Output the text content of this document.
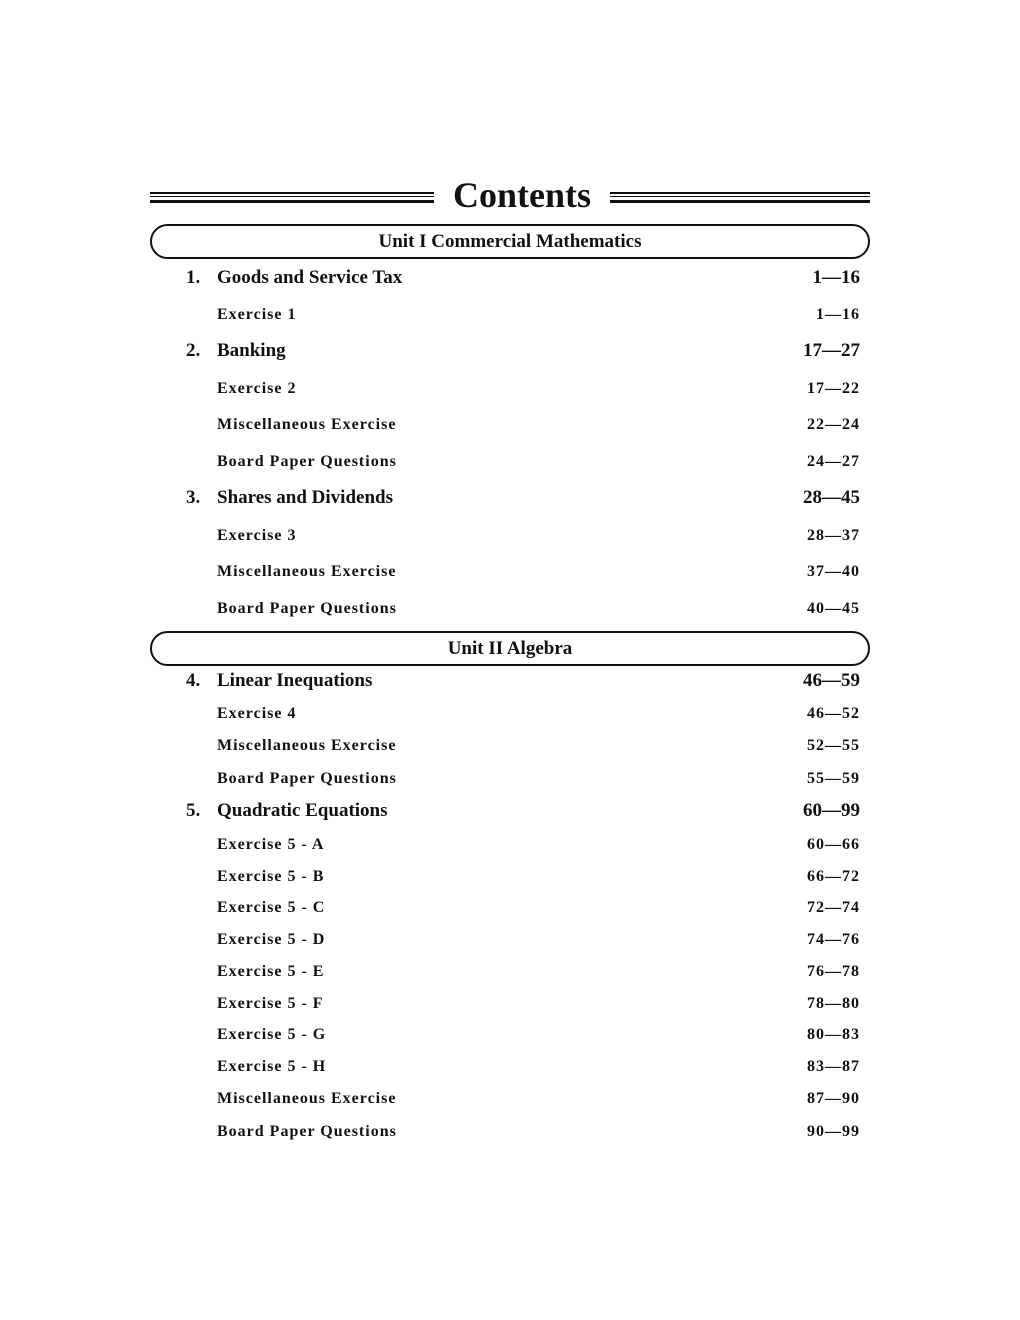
Contents
Unit I Commercial Mathematics
1. Goods and Service Tax	1—16
Exercise 1	1—16
2. Banking	17—27
Exercise 2	17—22
Miscellaneous Exercise	22—24
Board Paper Questions	24—27
3. Shares and Dividends	28—45
Exercise 3	28—37
Miscellaneous Exercise	37—40
Board Paper Questions	40—45
Unit II Algebra
4. Linear Inequations	46—59
Exercise 4	46—52
Miscellaneous Exercise	52—55
Board Paper Questions	55—59
5. Quadratic Equations	60—99
Exercise 5 - A	60—66
Exercise 5 - B	66—72
Exercise 5 - C	72—74
Exercise 5 - D	74—76
Exercise 5 - E	76—78
Exercise 5 - F	78—80
Exercise 5 - G	80—83
Exercise 5 - H	83—87
Miscellaneous Exercise	87—90
Board Paper Questions	90—99
